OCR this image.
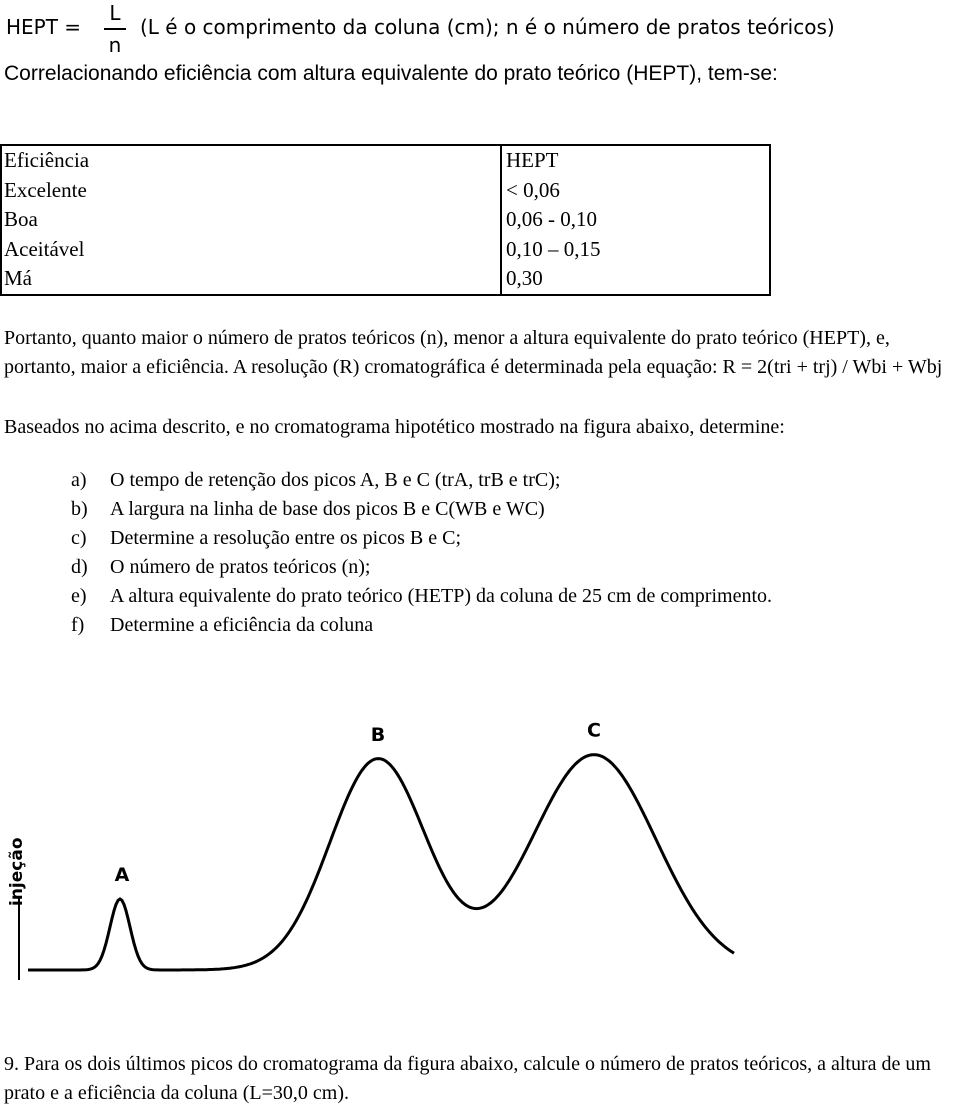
HEPT =
L
n
(L é o comprimento da coluna (cm); n é o número de pratos teóricos)
Correlacionando eficiência com altura equivalente do prato teórico (HEPT), tem-se:
Eficiência	HEPT
Excelente	< 0,06
Boa	0,06 - 0,10
Aceitável	0,10 – 0,15
Má	0,30
Portanto, quanto maior o número de pratos teóricos (n), menor a altura equivalente do prato teórico (HEPT), e, portanto, maior a eficiência. A resolução (R) cromatográfica é determinada pela equação: R = 2(tri + trj) / Wbi + Wbj
Baseados no acima descrito, e no cromatograma hipotético mostrado na figura abaixo, determine:
a) O tempo de retenção dos picos A, B e C (trA, trB e trC);
b) A largura na linha de base dos picos B e C(WB e WC)
c) Determine a resolução entre os picos B e C;
d) O número de pratos teóricos (n);
e) A altura equivalente do prato teórico (HETP) da coluna de 25 cm de comprimento.
f) Determine a eficiência da coluna
injeção	A
B	C
9. Para os dois últimos picos do cromatograma da figura abaixo, calcule o número de pratos teóricos, a altura de um prato e a eficiência da coluna (L=30,0 cm).
